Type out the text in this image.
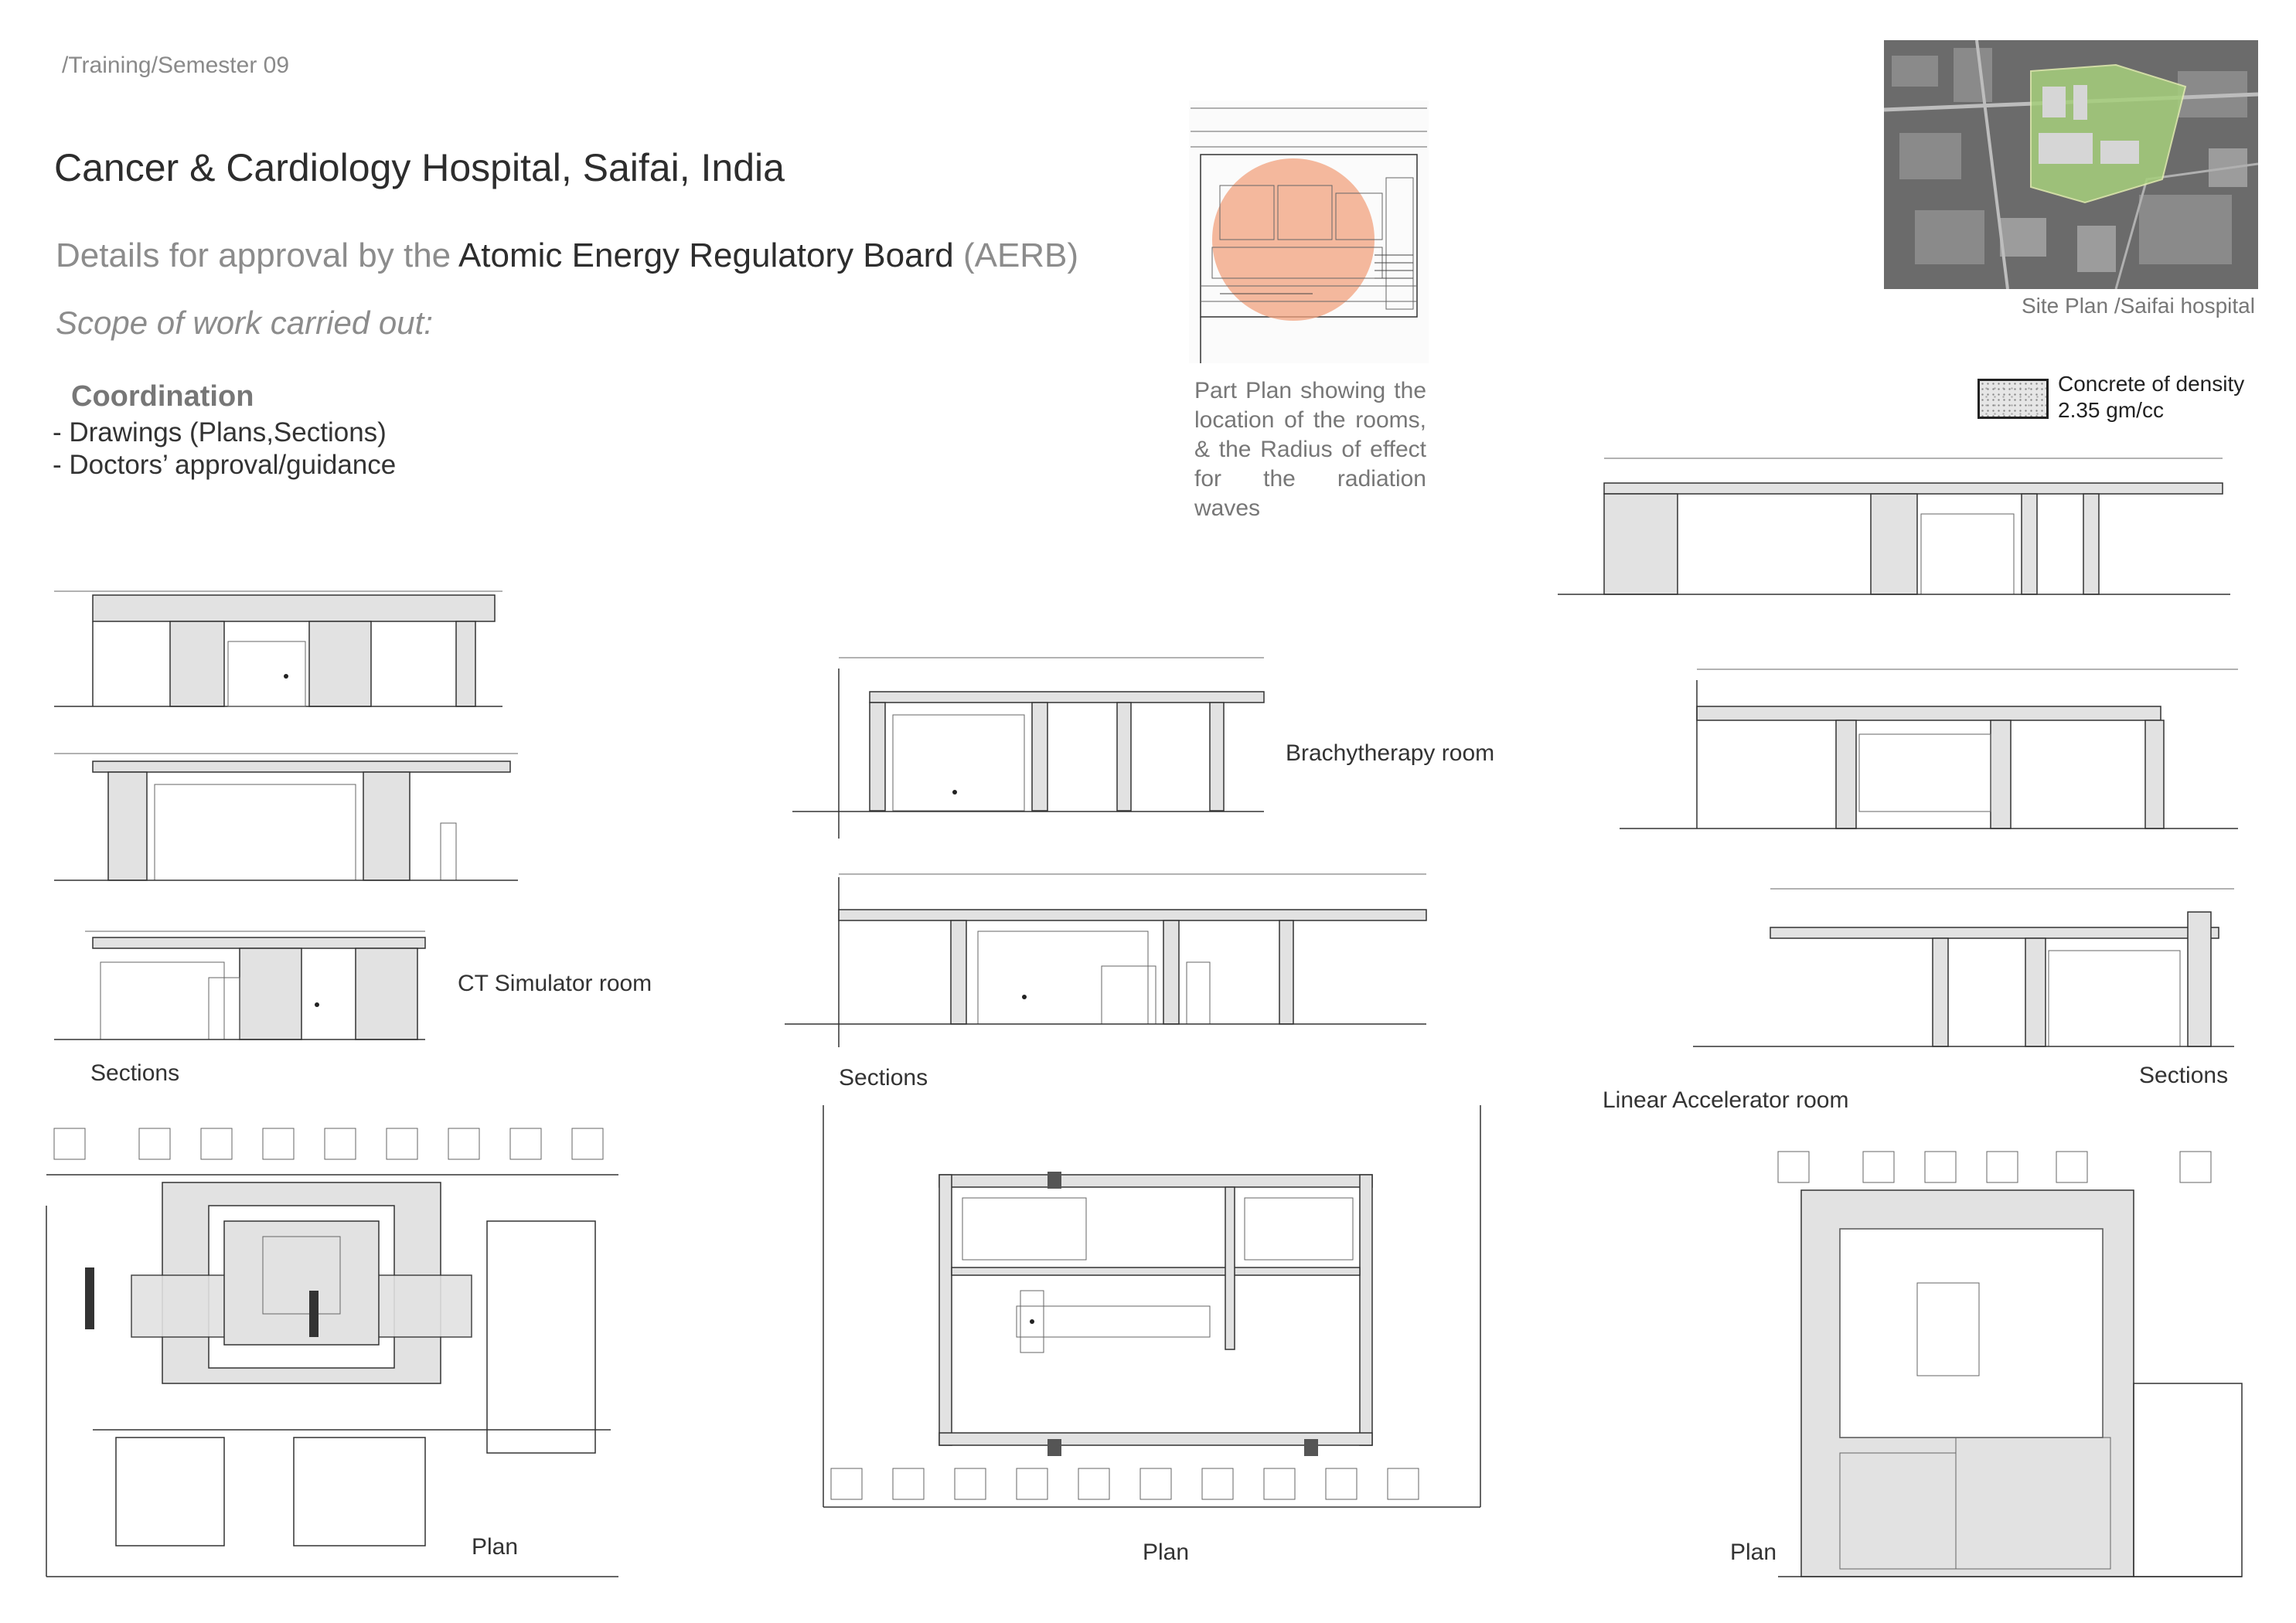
/Training/Semester 09
Cancer & Cardiology Hospital, Saifai, India
Details for approval by the Atomic Energy Regulatory Board (AERB)
Scope of work carried out:
Coordination
- Drawings (Plans,Sections)
- Doctors’ approval/guidance
Part Plan showing the location of the rooms, & the Radius of effect for the radiation waves
Site Plan /Saifai hospital
Concrete of density 2.35 gm/cc
CT Simulator room
Sections
Plan
Brachytherapy room
Sections
Plan
Sections
Linear Accelerator room
Plan
